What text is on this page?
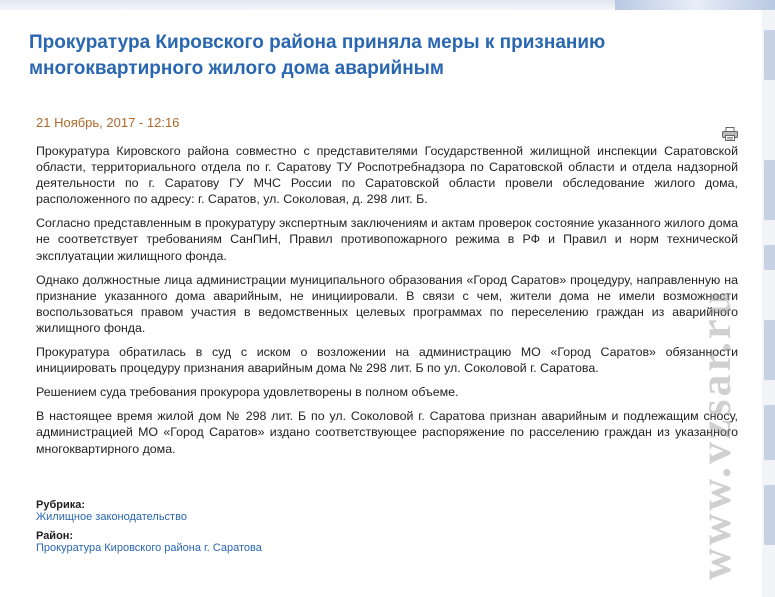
Прокуратура Кировского района приняла меры к признанию многоквартирного жилого дома аварийным
21 Ноябрь, 2017 - 12:16

Прокуратура Кировского района совместно с представителями Государственной жилищной инспекции Саратовской области, территориального отдела по г. Саратову ТУ Роспотребнадзора по Саратовской области и отдела надзорной деятельности по г. Саратову ГУ МЧС России по Саратовской области провели обследование жилого дома, расположенного по адресу: г. Саратов, ул. Соколовая, д. 298 лит. Б.

Согласно представленным в прокуратуру экспертным заключениям и актам проверок состояние указанного жилого дома не соответствует требованиям СанПиН, Правил противопожарного режима в РФ и Правил и норм технической эксплуатации жилищного фонда.

Однако должностные лица администрации муниципального образования «Город Саратов» процедуру, направленную на признание указанного дома аварийным, не инициировали. В связи с чем, жители дома не имели возможности воспользоваться правом участия в ведомственных целевых программах по переселению граждан из аварийного жилищного фонда.

Прокуратура обратилась в суд с иском о возложении на администрацию МО «Город Саратов» обязанности инициировать процедуру признания аварийным дома № 298 лит. Б по ул. Соколовой г. Саратова.

Решением суда требования прокурора удовлетворены в полном объеме.

В настоящее время жилой дом № 298 лит. Б по ул. Соколовой г. Саратова признан аварийным и подлежащим сносу, администрацией МО «Город Саратов» издано соответствующее распоряжение по расселению граждан из указанного многоквартирного дома.

Рубрика:
Жилищное законодательство
Район:
Прокуратура Кировского района г. Саратова	www.vzsar.ru
